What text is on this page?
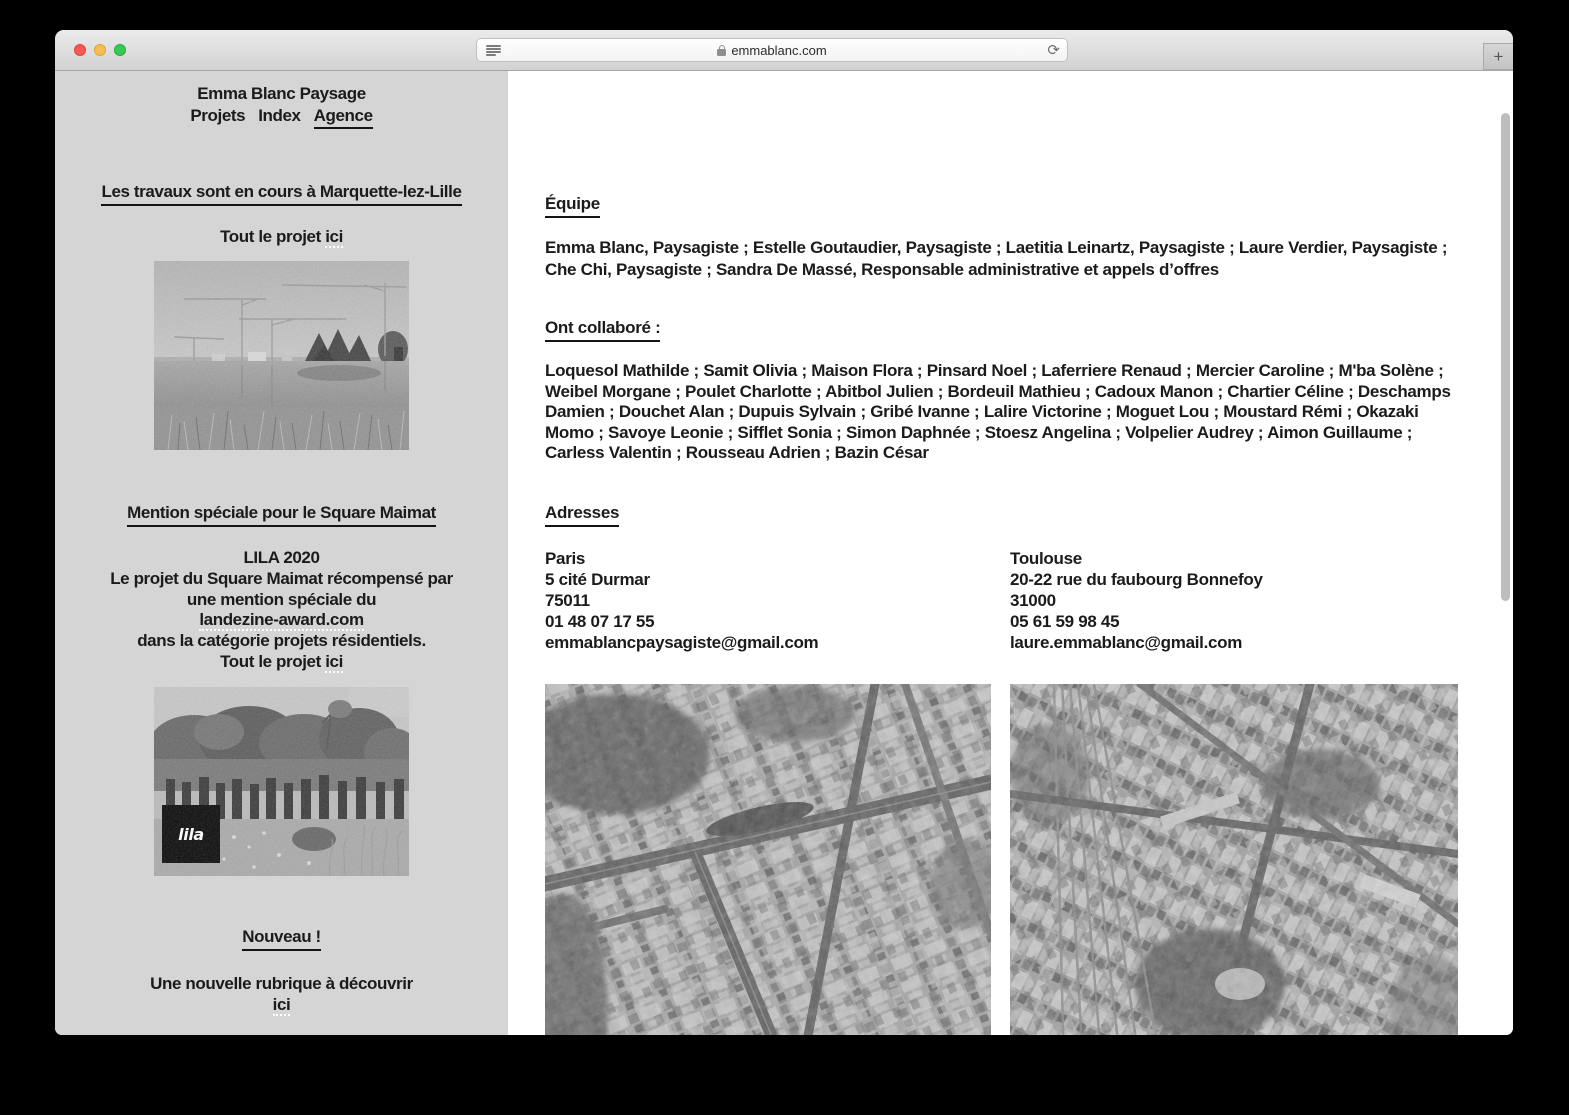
emmablanc.com	⟳	+
Emma Blanc Paysage
Projets Index Agence
Les travaux sont en cours à Marquette-lez-Lille
Tout le projet ici
Mention spéciale pour le Square Maimat
LILA 2020
Le projet du Square Maimat récompensé par
une mention spéciale du
landezine-award.com
dans la catégorie projets résidentiels.
Tout le projet ici
lila
Nouveau !
Une nouvelle rubrique à découvrir
ici
Équipe
Emma Blanc, Paysagiste ; Estelle Goutaudier, Paysagiste ; Laetitia Leinartz, Paysagiste ; Laure Verdier, Paysagiste ; Che Chi, Paysagiste ; Sandra De Massé, Responsable administrative et appels d’offres
Ont collaboré :
Loquesol Mathilde ; Samit Olivia ; Maison Flora ; Pinsard Noel ; Laferriere Renaud ; Mercier Caroline ; M'ba Solène ; Weibel Morgane ; Poulet Charlotte ; Abitbol Julien ; Bordeuil Mathieu ; Cadoux Manon ; Chartier Céline ; Deschamps Damien ; Douchet Alan ; Dupuis Sylvain ; Gribé Ivanne ; Lalire Victorine ; Moguet Lou ; Moustard Rémi ; Okazaki Momo ; Savoye Leonie ; Sifflet Sonia ; Simon Daphnée ; Stoesz Angelina ; Volpelier Audrey ; Aimon Guillaume ; Carless Valentin ; Rousseau Adrien ; Bazin César
Adresses
Paris
5 cité Durmar
75011
01 48 07 17 55
emmablancpaysagiste@gmail.com
Toulouse
20-22 rue du faubourg Bonnefoy
31000
05 61 59 98 45
laure.emmablanc@gmail.com
